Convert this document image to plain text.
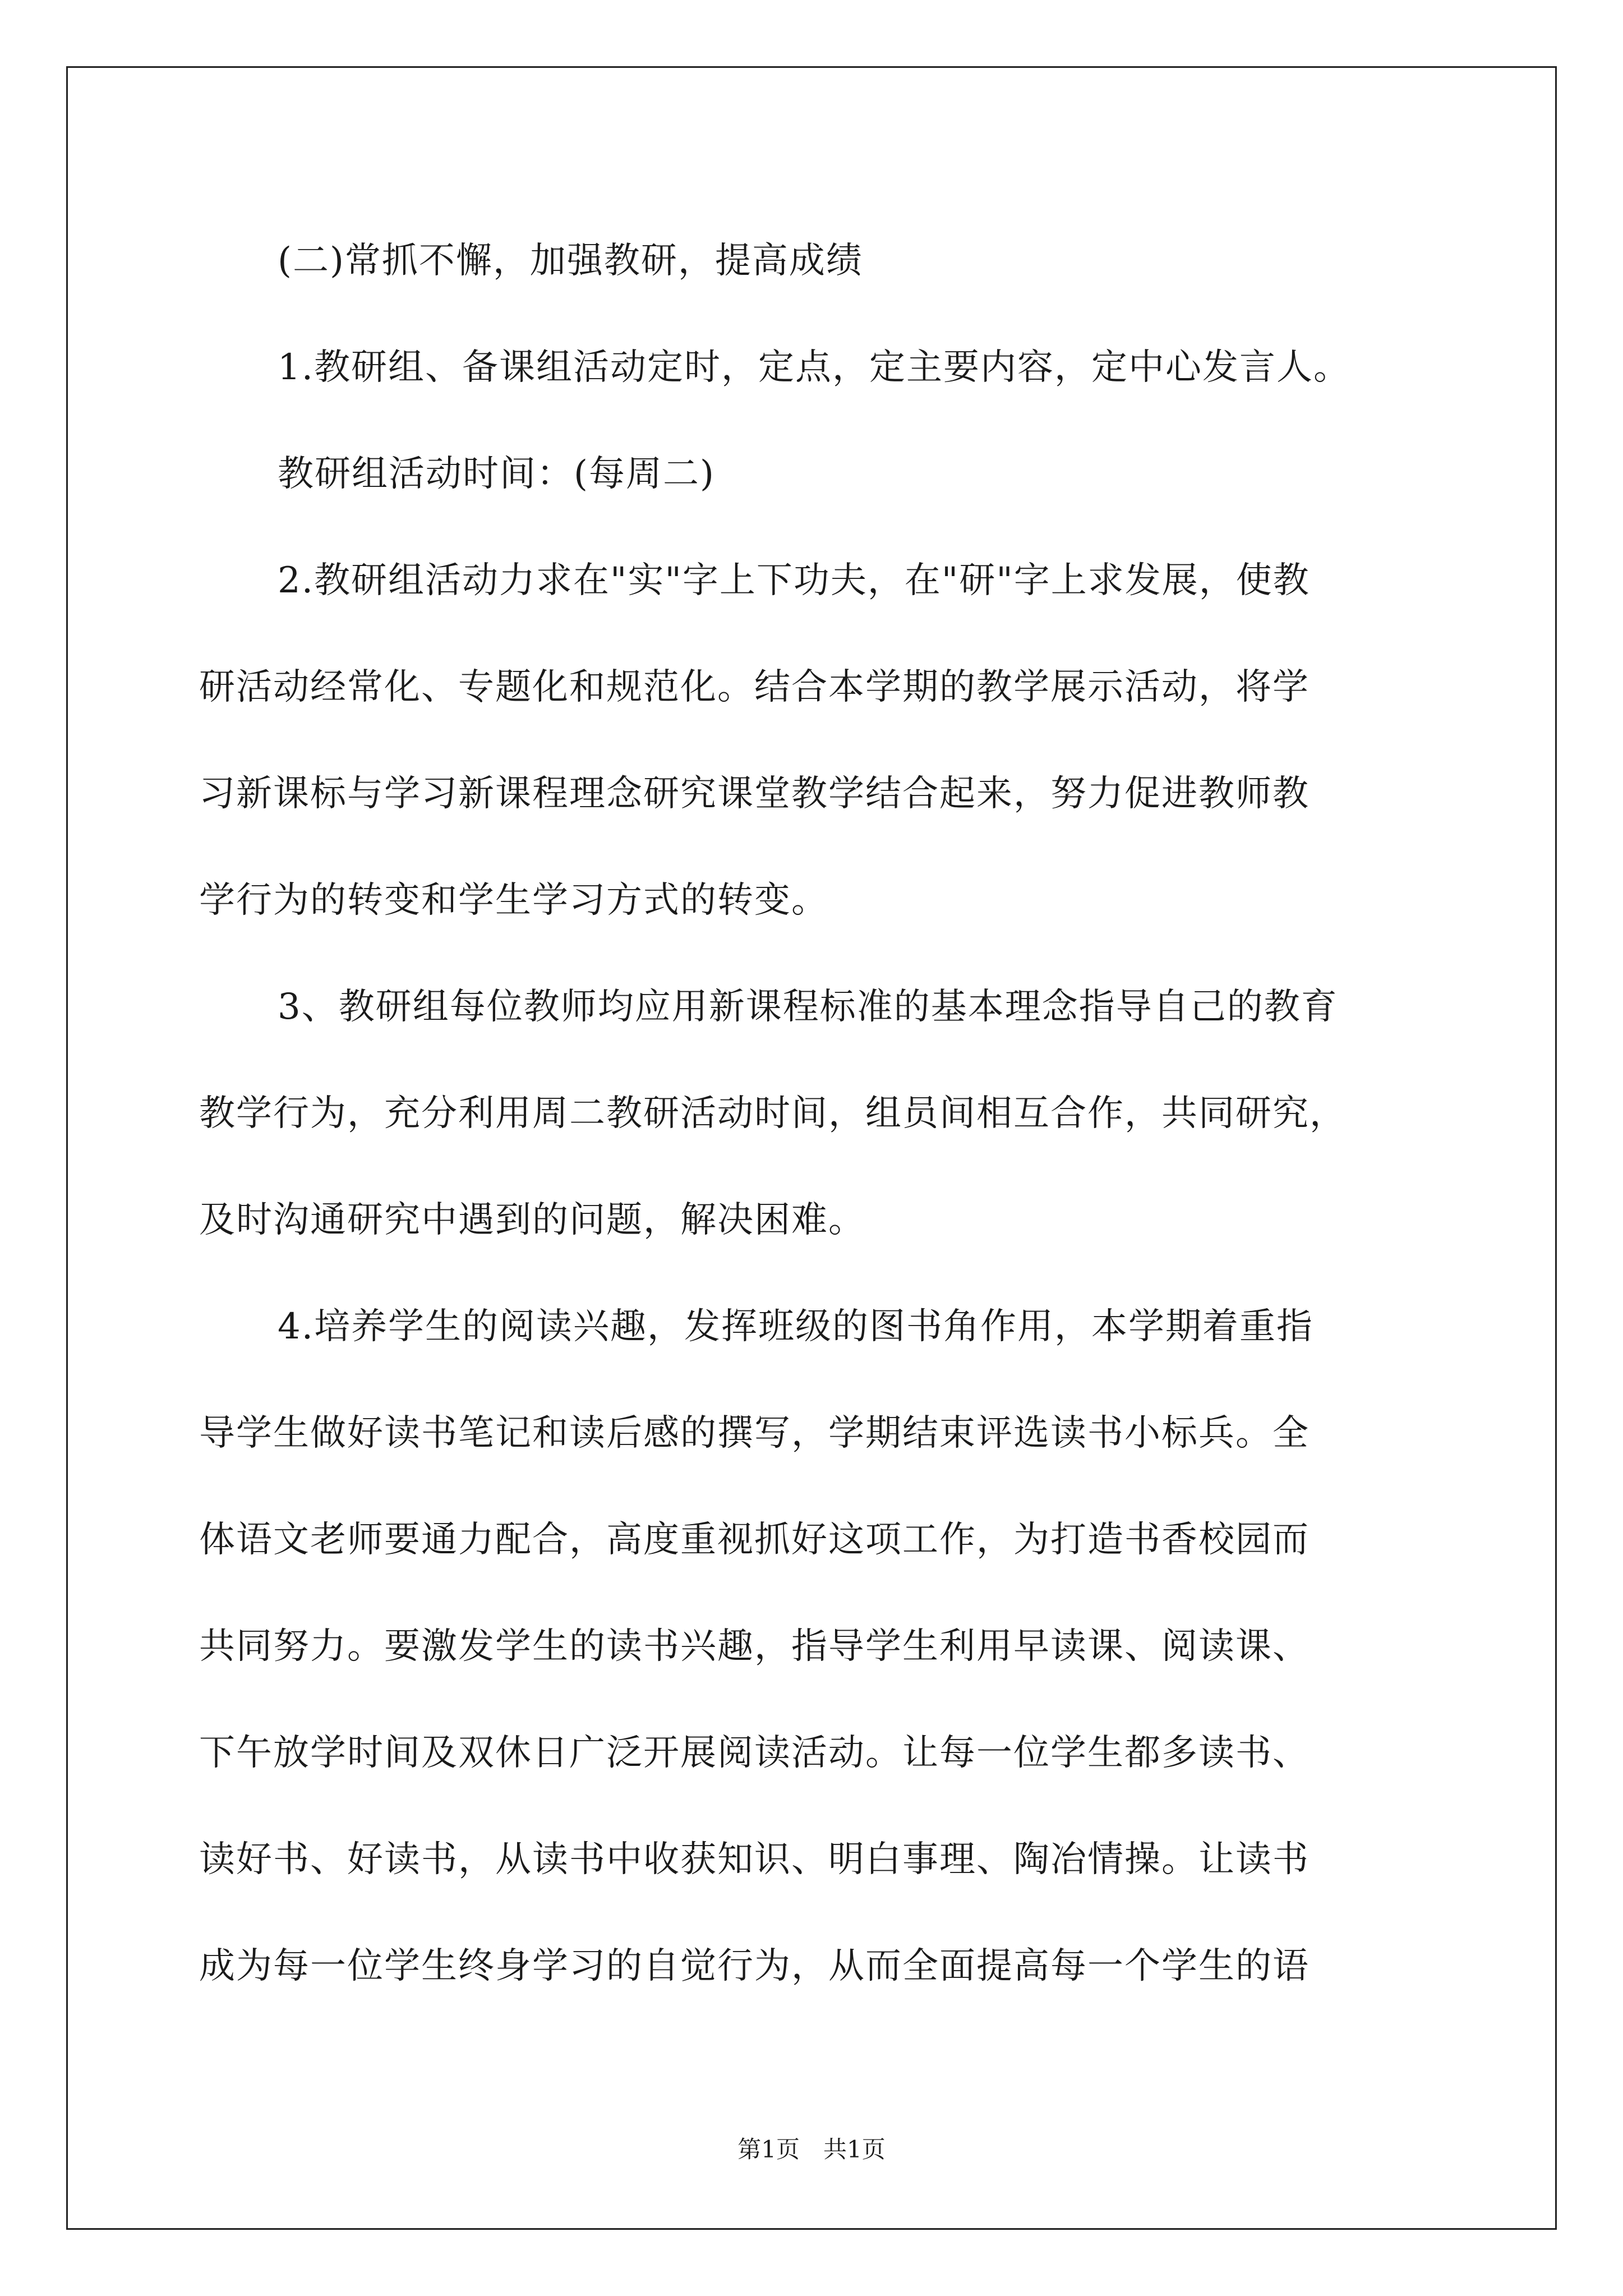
(二)常抓不懈，加强教研，提高成绩
1.教研组、备课组活动定时，定点，定主要内容，定中心发言人。
教研组活动时间：(每周二)
2.教研组活动力求在"实"字上下功夫，在"研"字上求发展，使教
研活动经常化、专题化和规范化。结合本学期的教学展示活动，将学
习新课标与学习新课程理念研究课堂教学结合起来，努力促进教师教
学行为的转变和学生学习方式的转变。
3、教研组每位教师均应用新课程标准的基本理念指导自己的教育
教学行为，充分利用周二教研活动时间，组员间相互合作，共同研究，
及时沟通研究中遇到的问题，解决困难。
4.培养学生的阅读兴趣，发挥班级的图书角作用，本学期着重指
导学生做好读书笔记和读后感的撰写，学期结束评选读书小标兵。全
体语文老师要通力配合，高度重视抓好这项工作，为打造书香校园而
共同努力。要激发学生的读书兴趣，指导学生利用早读课、阅读课、
下午放学时间及双休日广泛开展阅读活动。让每一位学生都多读书、
读好书、好读书，从读书中收获知识、明白事理、陶冶情操。让读书
成为每一位学生终身学习的自觉行为，从而全面提高每一个学生的语
第1页　共1页
